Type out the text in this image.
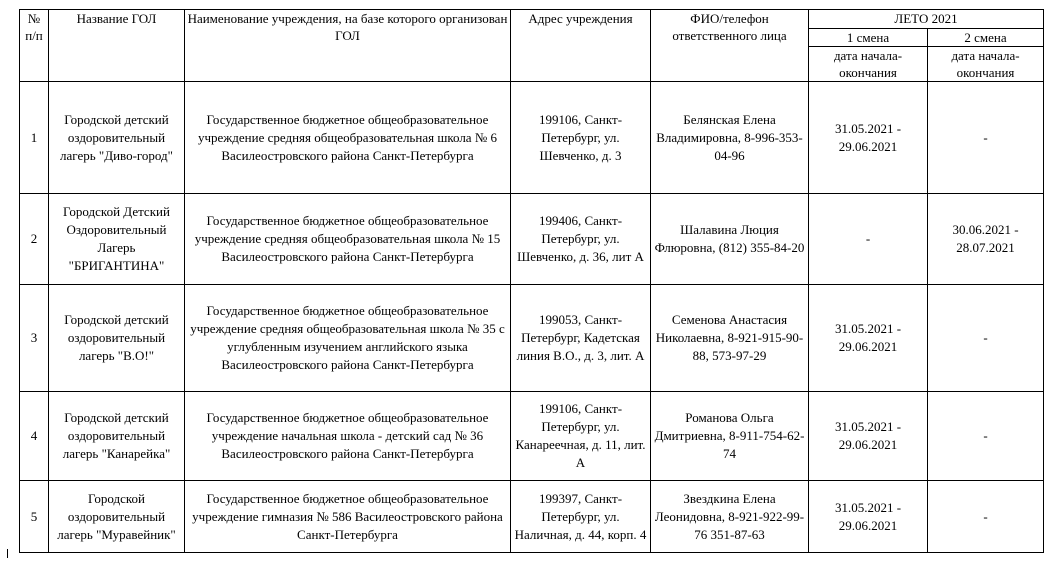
№ п/п	Название ГОЛ	Наименование учреждения, на базе которого организован ГОЛ	Адрес учреждения	ФИО/телефон ответственного лица	ЛЕТО 2021	
					1 смена	2 смена
					дата начала-окончания	дата начала-окончания
1	Городской детский оздоровительный лагерь "Диво-город"	Государственное бюджетное общеобразовательное учреждение средняя общеобразовательная школа № 6 Василеостровского района Санкт-Петербурга	199106, Санкт-Петербург, ул. Шевченко, д. 3	Белянская Елена Владимировна, 8-996-353-04-96	31.05.2021 - 29.06.2021	-
2	Городской Детский Оздоровительный Лагерь "БРИГАНТИНА"	Государственное бюджетное общеобразовательное учреждение средняя общеобразовательная школа № 15 Василеостровского района Санкт-Петербурга	199406, Санкт-Петербург, ул. Шевченко, д. 36, лит А	Шалавина Люция Флюровна, (812) 355-84-20	-	30.06.2021 - 28.07.2021
3	Городской детский оздоровительный лагерь "В.О!"	Государственное бюджетное общеобразовательное учреждение средняя общеобразовательная школа № 35 с углубленным изучением английского языка Василеостровского района Санкт-Петербурга	199053, Санкт-Петербург, Кадетская линия В.О., д. 3, лит. А	Семенова Анастасия Николаевна, 8-921-915-90-88, 573-97-29	31.05.2021 - 29.06.2021	-
4	Городской детский оздоровительный лагерь "Канарейка"	Государственное бюджетное общеобразовательное учреждение начальная школа - детский сад № 36 Василеостровского района Санкт-Петербурга	199106, Санкт-Петербург, ул. Канареечная, д. 11, лит. А	Романова Ольга Дмитриевна, 8-911-754-62-74	31.05.2021 - 29.06.2021	-
5	Городской оздоровительный лагерь "Муравейник"	Государственное бюджетное общеобразовательное учреждение гимназия № 586 Василеостровского района Санкт-Петербурга	199397, Санкт-Петербург, ул. Наличная, д. 44, корп. 4	Звездкина Елена Леонидовна, 8-921-922-99-76 351-87-63	31.05.2021 - 29.06.2021	-
